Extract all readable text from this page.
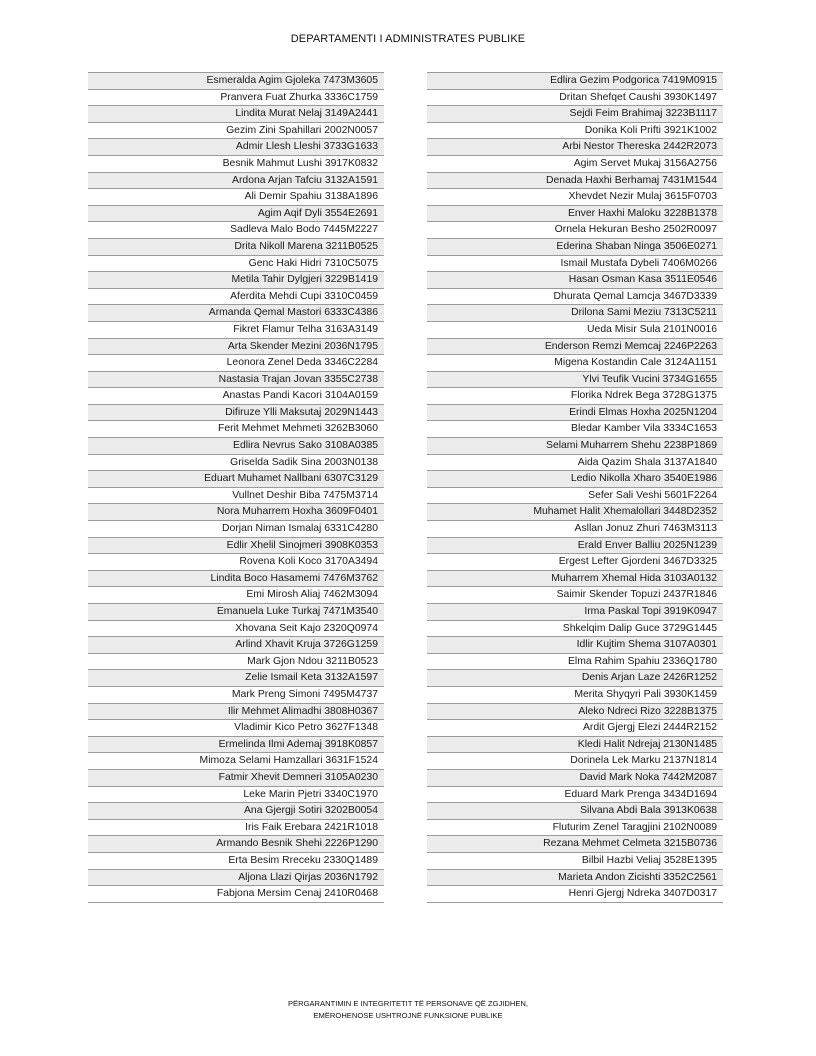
DEPARTAMENTI I ADMINISTRATES PUBLIKE
Esmeralda Agim Gjoleka 7473M3605
Pranvera Fuat Zhurka 3336C1759
Lindita Murat Nelaj 3149A2441
Gezim Zini Spahillari 2002N0057
Admir Llesh Lleshi 3733G1633
Besnik Mahmut Lushi 3917K0832
Ardona Arjan Tafciu 3132A1591
Ali Demir Spahiu 3138A1896
Agim Aqif Dyli 3554E2691
Sadleva Malo Bodo 7445M2227
Drita Nikoll Marena 3211B0525
Genc Haki Hidri 7310C5075
Metila Tahir Dylgjeri 3229B1419
Aferdita Mehdi Cupi 3310C0459
Armanda Qemal Mastori 6333C4386
Fikret Flamur Telha 3163A3149
Arta Skender Mezini 2036N1795
Leonora Zenel Deda 3346C2284
Nastasia Trajan Jovan 3355C2738
Anastas Pandi Kacori 3104A0159
Difiruze Ylli Maksutaj 2029N1443
Ferit Mehmet Mehmeti 3262B3060
Edlira Nevrus Sako 3108A0385
Griselda Sadik Sina 2003N0138
Eduart Muhamet Nallbani 6307C3129
Vullnet Deshir Biba 7475M3714
Nora Muharrem Hoxha 3609F0401
Dorjan Niman Ismalaj 6331C4280
Edlir Xhelil Sinojmeri 3908K0353
Rovena Koli Koco 3170A3494
Lindita Boco Hasamemi 7476M3762
Emi Mirosh Aliaj 7462M3094
Emanuela Luke Turkaj 7471M3540
Xhovana Seit Kajo 2320Q0974
Arlind Xhavit Kruja 3726G1259
Mark Gjon Ndou 3211B0523
Zelie Ismail Keta 3132A1597
Mark Preng Simoni 7495M4737
Ilir Mehmet Alimadhi 3808H0367
Vladimir Kico Petro 3627F1348
Ermelinda Ilmi Ademaj 3918K0857
Mimoza Selami Hamzallari 3631F1524
Fatmir Xhevit Demneri 3105A0230
Leke Marin Pjetri 3340C1970
Ana Gjergji Sotiri 3202B0054
Iris Faik Erebara 2421R1018
Armando Besnik Shehi 2226P1290
Erta Besim Rreceku 2330Q1489
Aljona Llazi Qirjas 2036N1792
Fabjona Mersim Cenaj 2410R0468
Edlira Gezim Podgorica 7419M0915
Dritan Shefqet Caushi 3930K1497
Sejdi Feim Brahimaj 3223B1117
Donika Koli Prifti 3921K1002
Arbi Nestor Thereska 2442R2073
Agim Servet Mukaj 3156A2756
Denada Haxhi Berhamaj 7431M1544
Xhevdet Nezir Mulaj 3615F0703
Enver Haxhi Maloku 3228B1378
Ornela Hekuran Besho 2502R0097
Ederina Shaban Ninga 3506E0271
Ismail Mustafa Dybeli 7406M0266
Hasan Osman Kasa 3511E0546
Dhurata Qemal Lamcja 3467D3339
Drilona Sami Meziu 7313C5211
Ueda Misir Sula 2101N0016
Enderson Remzi Memcaj 2246P2263
Migena Kostandin Cale 3124A1151
Ylvi Teufik Vucini 3734G1655
Florika Ndrek Bega 3728G1375
Erindi Elmas Hoxha 2025N1204
Bledar Kamber Vila 3334C1653
Selami Muharrem Shehu 2238P1869
Aida Qazim Shala 3137A1840
Ledio Nikolla Xharo 3540E1986
Sefer Sali Veshi 5601F2264
Muhamet Halit Xhemalollari 3448D2352
Asllan Jonuz Zhuri 7463M3113
Erald Enver Balliu 2025N1239
Ergest Lefter Gjordeni 3467D3325
Muharrem Xhemal Hida 3103A0132
Saimir Skender Topuzi 2437R1846
Irma Paskal Topi 3919K0947
Shkelqim Dalip Guce 3729G1445
Idlir Kujtim Shema 3107A0301
Elma Rahim Spahiu 2336Q1780
Denis Arjan Laze 2426R1252
Merita Shyqyri Pali 3930K1459
Aleko Ndreci Rizo 3228B1375
Ardit Gjergj Elezi 2444R2152
Kledi Halit Ndrejaj 2130N1485
Dorinela Lek Marku 2137N1814
David Mark Noka 7442M2087
Eduard Mark Prenga 3434D1694
Silvana Abdi Bala 3913K0638
Fluturim Zenel Taragjini 2102N0089
Rezana Mehmet Celmeta 3215B0736
Bilbil Hazbi Veliaj 3528E1395
Marieta Andon Zicishti 3352C2561
Henri Gjergj Ndreka 3407D0317
PËRGARANTIMIN E INTEGRITETIT TË PERSONAVE QË ZGJIDHEN,
EMËROHENOSE USHTROJNË FUNKSIONE PUBLIKE
